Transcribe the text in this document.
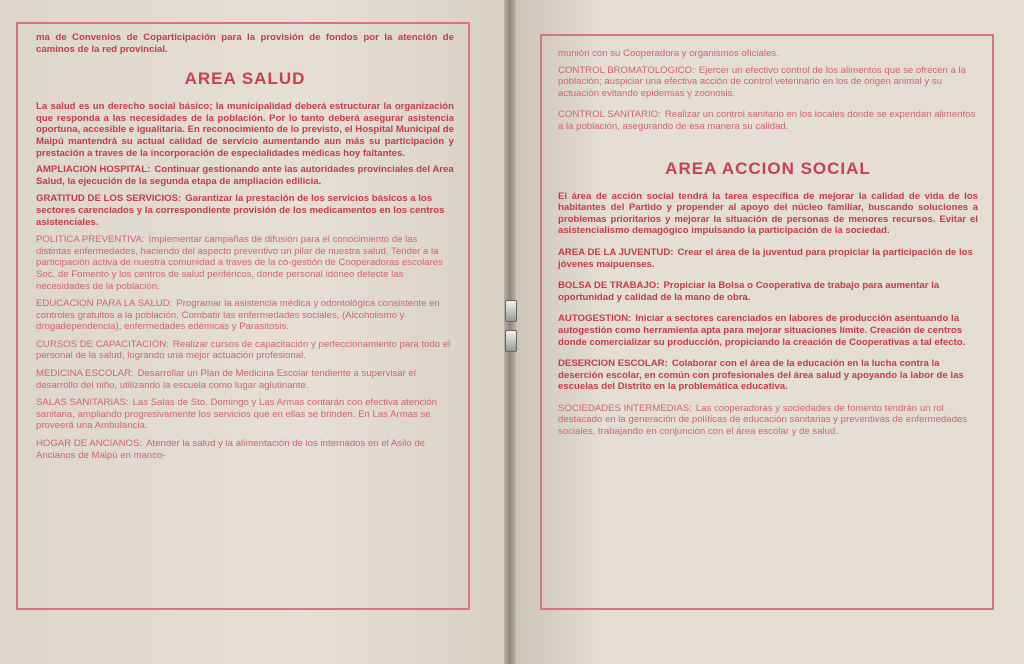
ma de Convenios de Coparticipación para la provisión de fondos por la atención de caminos de la red provincial.

AREA SALUD

La salud es un derecho social básico; la municipalidad deberá estructurar la organización que responda a las necesidades de la población. Por lo tanto deberá asegurar asistencia oportuna, accesible e igualitaria. En reconocimiento de lo previsto, el Hospital Municipal de Maipú mantendrá su actual calidad de servicio aumentando aun más su participación y prestación a traves de la incorporación de especialidades médicas hoy faltantes.

AMPLIACION HOSPITAL: Continuar gestionando ante las autoridades provinciales del Area Salud, la ejecución de la segunda etapa de ampliación edilicia.
GRATITUD DE LOS SERVICIOS: Garantizar la prestación de los servicios básicos a los sectores carenciados y la correspondiente provisión de los medicamentos en los centros asistenciales.
POLITICA PREVENTIVA: Implementar campañas de difusión para el conocimiento de las distintas enfermedades, haciendo del aspecto preventivo un pilar de nuestra salud. Tender a la participación activa de nuestra comunidad a traves de la co-gestión de Cooperadoras escolares Soc. de Fomento y los centros de salud periféricos, donde personal idóneo detecte las necesidades de la población.
EDUCACION PARA LA SALUD: Programar la asistencia médica y odontológica consistente en controles gratuitos a la población. Combatir las enfermedades sociales, (Alcoholismo y drogadependencia), enfermedades edémicas y Parasitosis.
CURSOS DE CAPACITACION: Realizar cursos de capacitación y perfeccionamiento para todo el personal de la salud, logrando una mejor actuación profesional.
MEDICINA ESCOLAR: Desarrollar un Plan de Medicina Escolar tendiente a supervisar el desarrollo del niño, utilizando la escuela como lugar aglutinante.
SALAS SANITARIAS: Las Salas de Sto. Domingo y Las Armas contarán con efectiva atención sanitaria, ampliando progresivamente los servicios que en ellas se brinden. En Las Armas se proveerá una Ambulancia.
HOGAR DE ANCIANOS: Atender la salud y la alimentación de los internados en el Asilo de Ancianos de Maipú en manco-

munión con su Cooperadora y organismos oficiales.

CONTROL BROMATOLOGICO: Ejercer un efectivo control de los alimentos que se ofrecen a la población; auspiciar una efectiva acción de control veterinario en los de origen animal y su actuación evitando epidemias y zoonosis.
CONTROL SANITARIO: Realizar un control sanitario en los locales donde se expendan alimentos a la población, asegurando de esa manera su calidad.
AREA ACCION SOCIAL

El área de acción social tendrá la tarea específica de mejorar la calidad de vida de los habitantes del Partido y propender al apoyo del núcleo familiar, buscando soluciones a problemas prioritarios y mejorar la situación de personas de menores recursos. Evitar el asistencialismo demagógico impulsando la participación de la sociedad.

AREA DE LA JUVENTUD: Crear el área de la juventud para propiciar la participación de los jóvenes maipuenses.
BOLSA DE TRABAJO: Propiciar la Bolsa o Cooperativa de trabajo para aumentar la oportunidad y calidad de la mano de obra.
AUTOGESTION: Iniciar a sectores carenciados en labores de producción asentuando la autogestión como herramienta apta para mejorar situaciones límite. Creación de centros donde comercializar su producción, propiciando la creación de Cooperativas a tal efecto.
DESERCION ESCOLAR: Colaborar con el área de la educación en la lucha contra la deserción escolar, en común con profesionales del área salud y apoyando la labor de las escuelas del Distrito en la problemática educativa.
SOCIEDADES INTERMEDIAS: Las cooperadoras y sociedades de fomento tendrán un rol destacado en la generación de políticas de educación sanitarias y preventivas de enfermedades sociales, trabajando en conjunción con el área escolar y de salud.
